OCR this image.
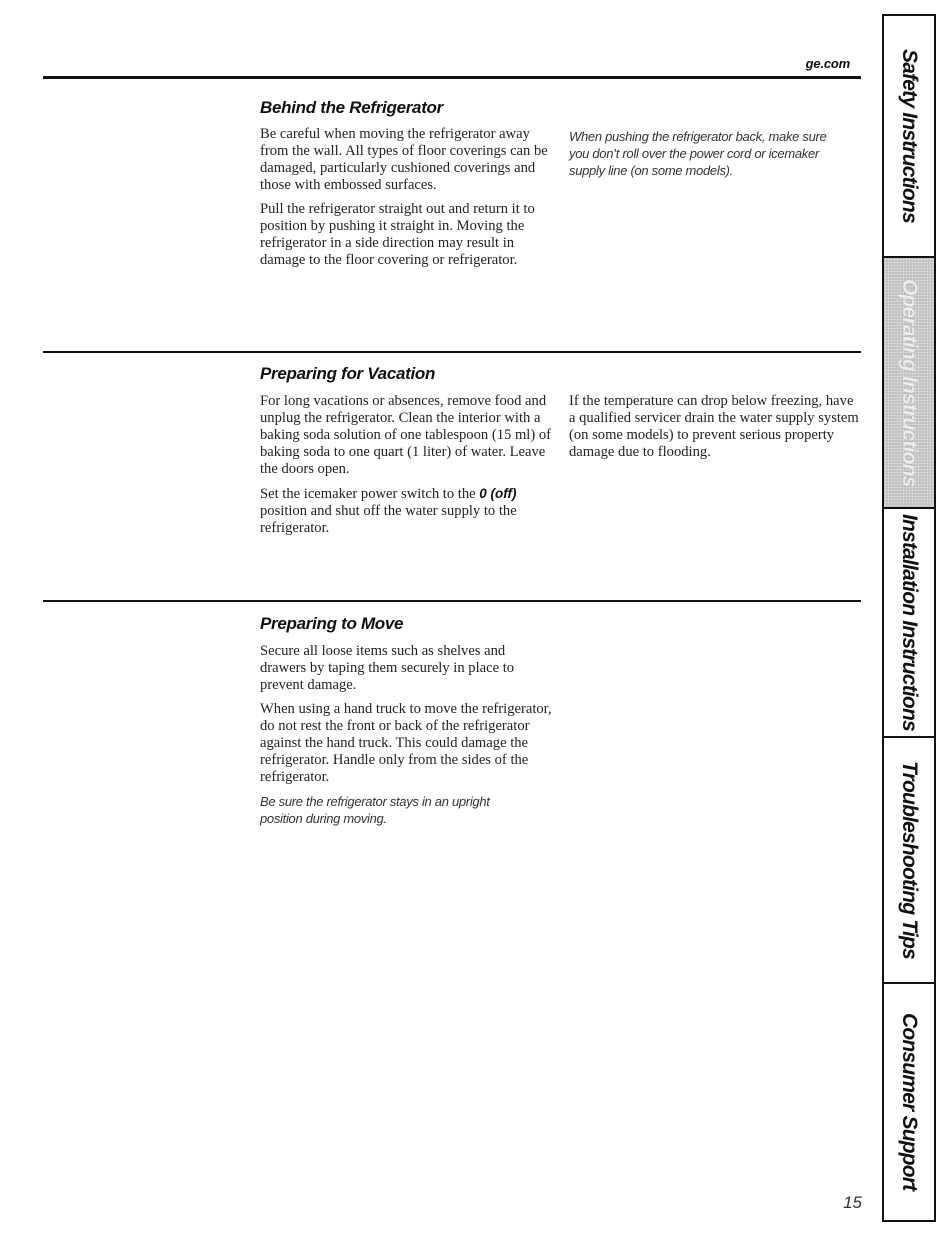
ge.com
Behind the Refrigerator

Be careful when moving the refrigerator away from the wall. All types of floor coverings can be damaged, particularly cushioned coverings and those with embossed surfaces.

Pull the refrigerator straight out and return it to position by pushing it straight in. Moving the refrigerator in a side direction may result in damage to the floor covering or refrigerator.

When pushing the refrigerator back, make sure you don’t roll over the power cord or icemaker supply line (on some models).
Preparing for Vacation

For long vacations or absences, remove food and unplug the refrigerator. Clean the interior with a baking soda solution of one tablespoon (15 ml) of baking soda to one quart (1 liter) of water. Leave the doors open.

Set the icemaker power switch to the 0 (off) position and shut off the water supply to the refrigerator.

If the temperature can drop below freezing, have a qualified servicer drain the water supply system (on some models) to prevent serious property damage due to flooding.

Preparing to Move

Secure all loose items such as shelves and drawers by taping them securely in place to prevent damage.

When using a hand truck to move the refrigerator, do not rest the front or back of the refrigerator against the hand truck. This could damage the refrigerator. Handle only from the sides of the refrigerator.

Be sure the refrigerator stays in an upright position during moving.

15
Safety Instructions
Operating Instructions
Installation Instructions
Troubleshooting Tips
Consumer Support
